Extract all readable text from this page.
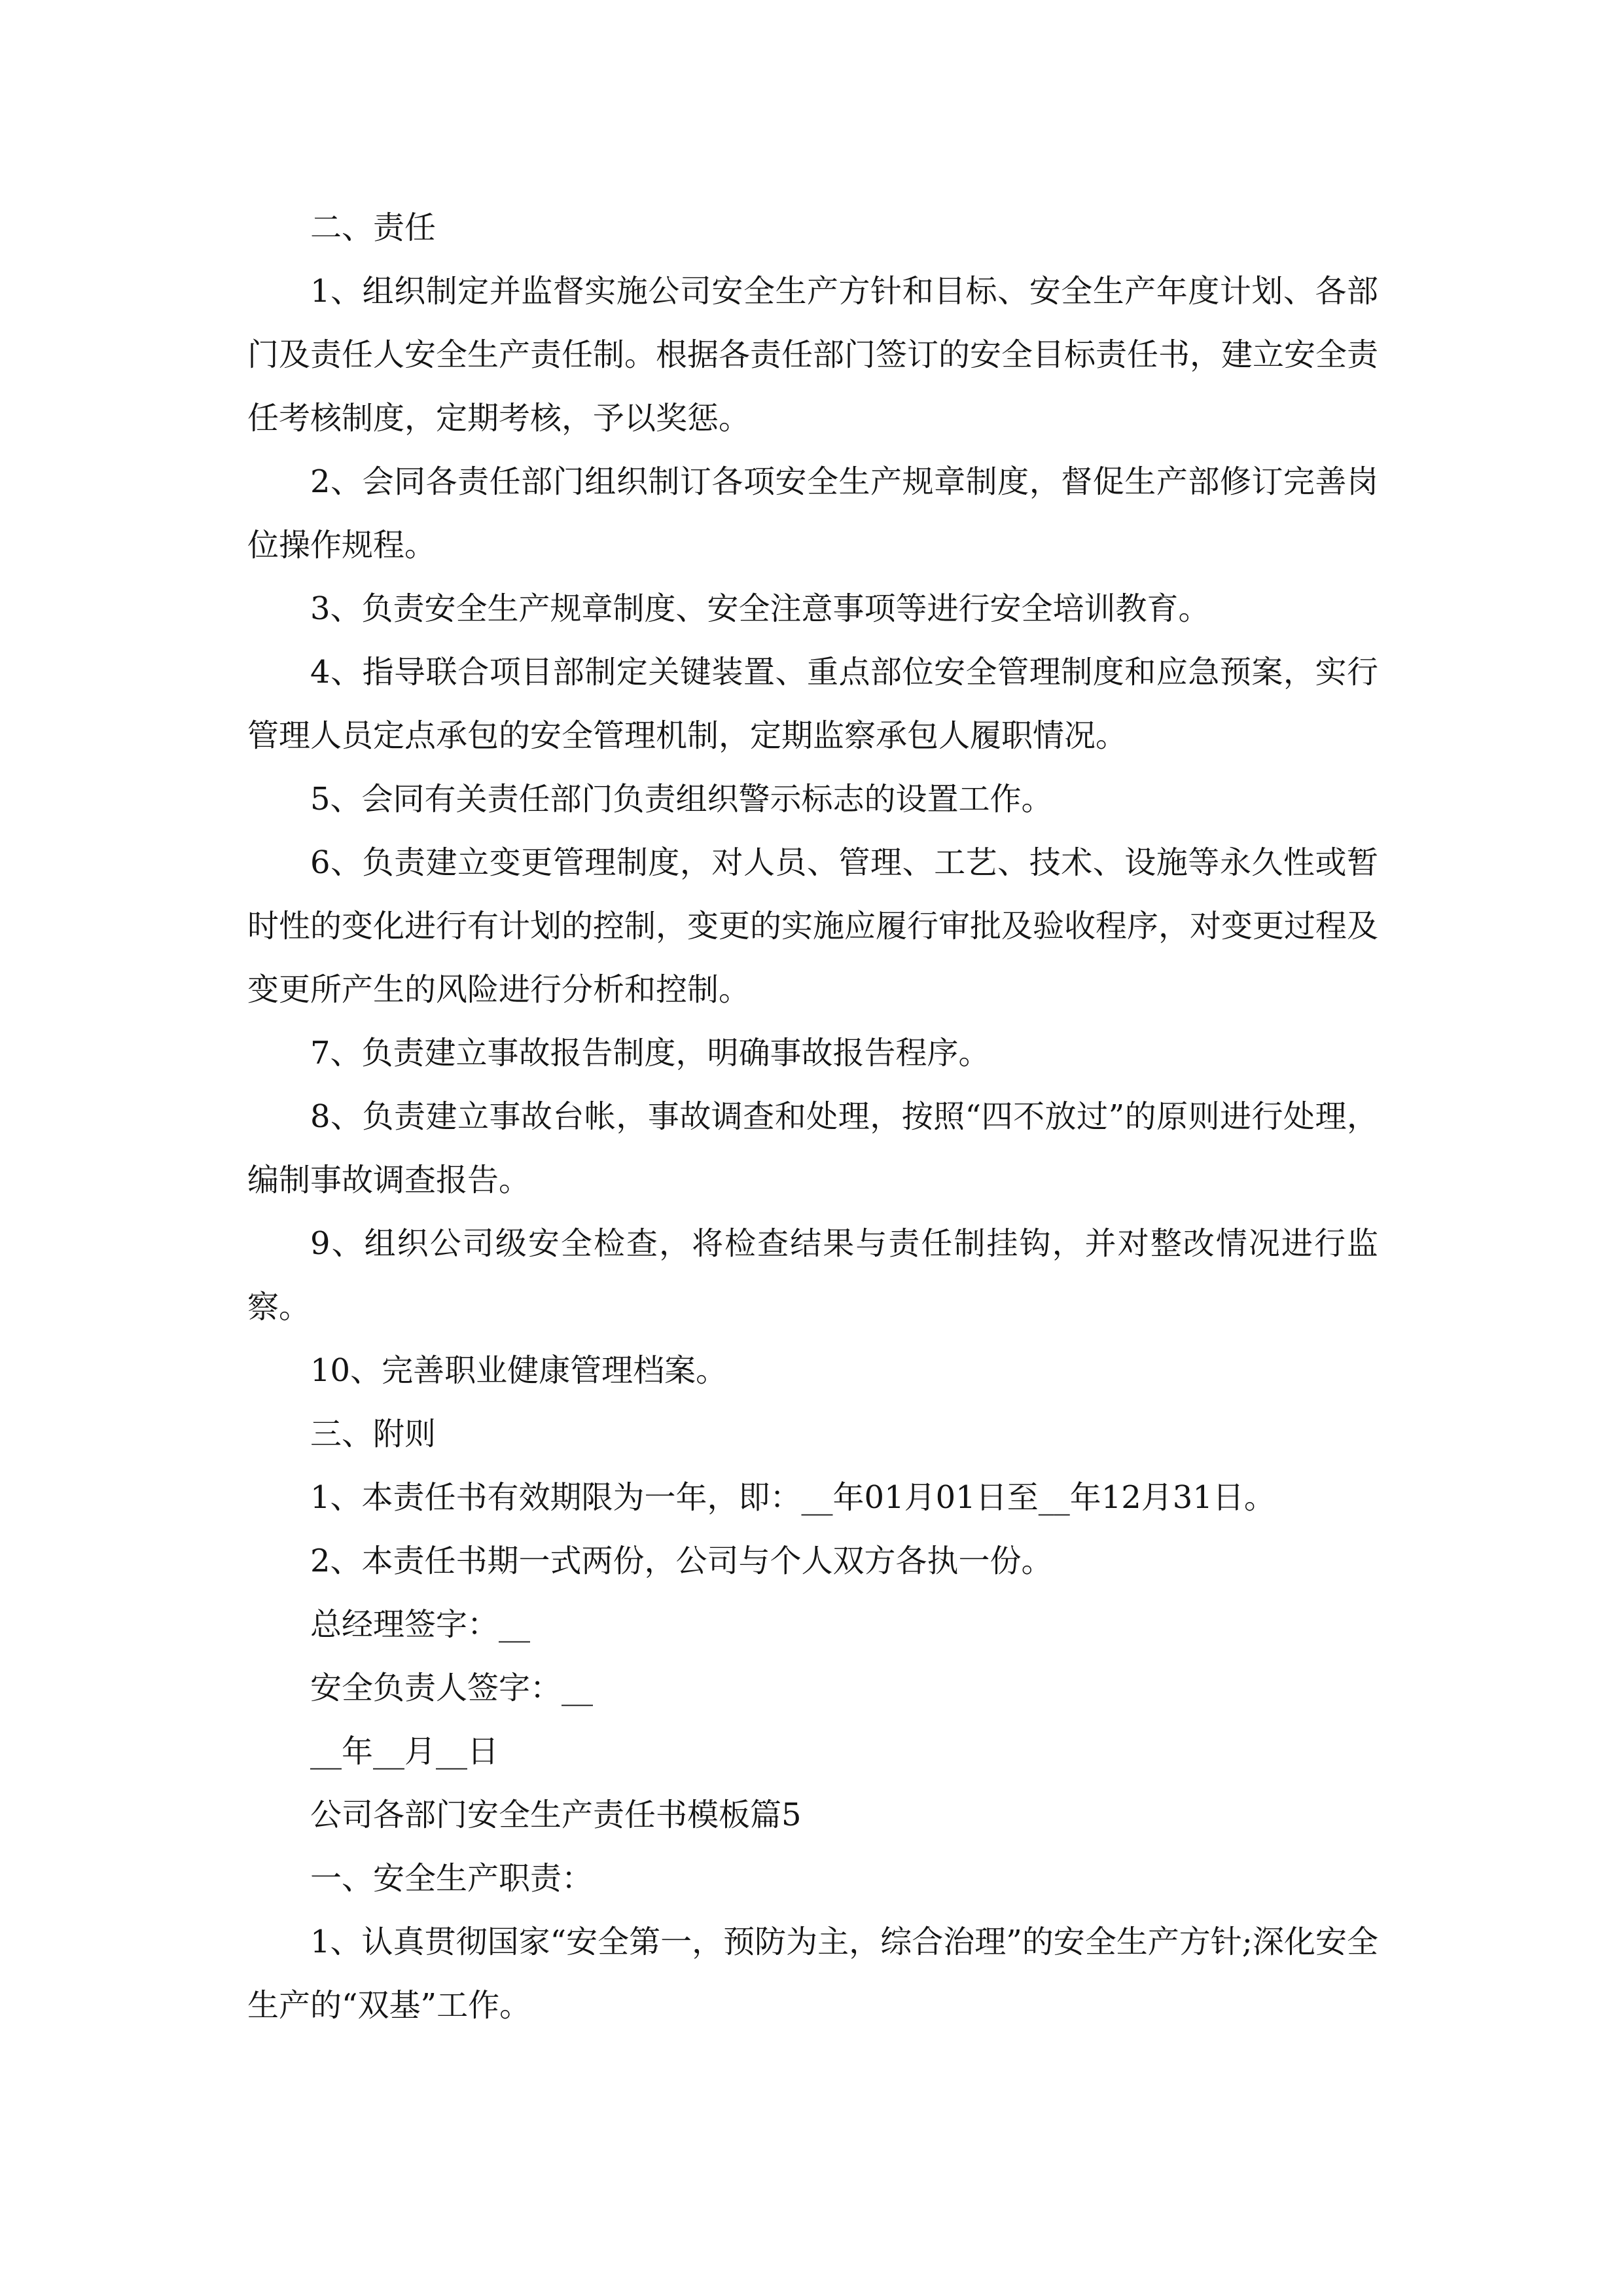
二、责任

1、组织制定并监督实施公司安全生产方针和目标、安全生产年度计划、各部门及责任人安全生产责任制。根据各责任部门签订的安全目标责任书，建立安全责任考核制度，定期考核，予以奖惩。

2、会同各责任部门组织制订各项安全生产规章制度，督促生产部修订完善岗位操作规程。

3、负责安全生产规章制度、安全注意事项等进行安全培训教育。

4、指导联合项目部制定关键装置、重点部位安全管理制度和应急预案，实行管理人员定点承包的安全管理机制，定期监察承包人履职情况。

5、会同有关责任部门负责组织警示标志的设置工作。

6、负责建立变更管理制度，对人员、管理、工艺、技术、设施等永久性或暂时性的变化进行有计划的控制，变更的实施应履行审批及验收程序，对变更过程及变更所产生的风险进行分析和控制。

7、负责建立事故报告制度，明确事故报告程序。

8、负责建立事故台帐，事故调查和处理，按照“四不放过”的原则进行处理，编制事故调查报告。

9、组织公司级安全检查，将检查结果与责任制挂钩，并对整改情况进行监察。

10、完善职业健康管理档案。

三、附则

1、本责任书有效期限为一年，即：__年01月01日至__年12月31日。

2、本责任书期一式两份，公司与个人双方各执一份。

总经理签字：__

安全负责人签字：__

__年__月__日

公司各部门安全生产责任书模板篇5

一、安全生产职责：

1、认真贯彻国家“安全第一，预防为主，综合治理”的安全生产方针;深化安全生产的“双基”工作。
